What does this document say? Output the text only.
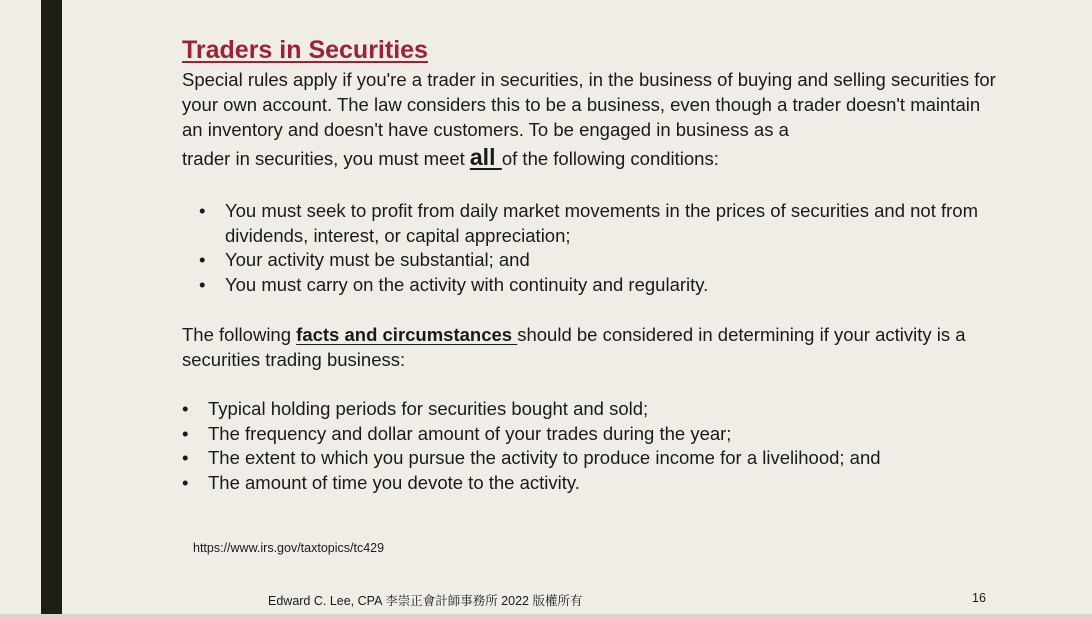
Traders in Securities

Special rules apply if you're a trader in securities, in the business of buying and selling securities for your own account. The law considers this to be a business, even though a trader doesn't maintain an inventory and doesn't have customers. To be engaged in business as a
trader in securities, you must meet all of the following conditions:

• You must seek to profit from daily market movements in the prices of securities and not from dividends, interest, or capital appreciation;
• Your activity must be substantial; and
• You must carry on the activity with continuity and regularity.

The following facts and circumstances should be considered in determining if your activity is a securities trading business:

• Typical holding periods for securities bought and sold;
• The frequency and dollar amount of your trades during the year;
• The extent to which you pursue the activity to produce income for a livelihood; and
• The amount of time you devote to the activity.
https://www.irs.gov/taxtopics/tc429
Edward C. Lee, CPA 李崇正會計師事務所 2022 版權所有	16
